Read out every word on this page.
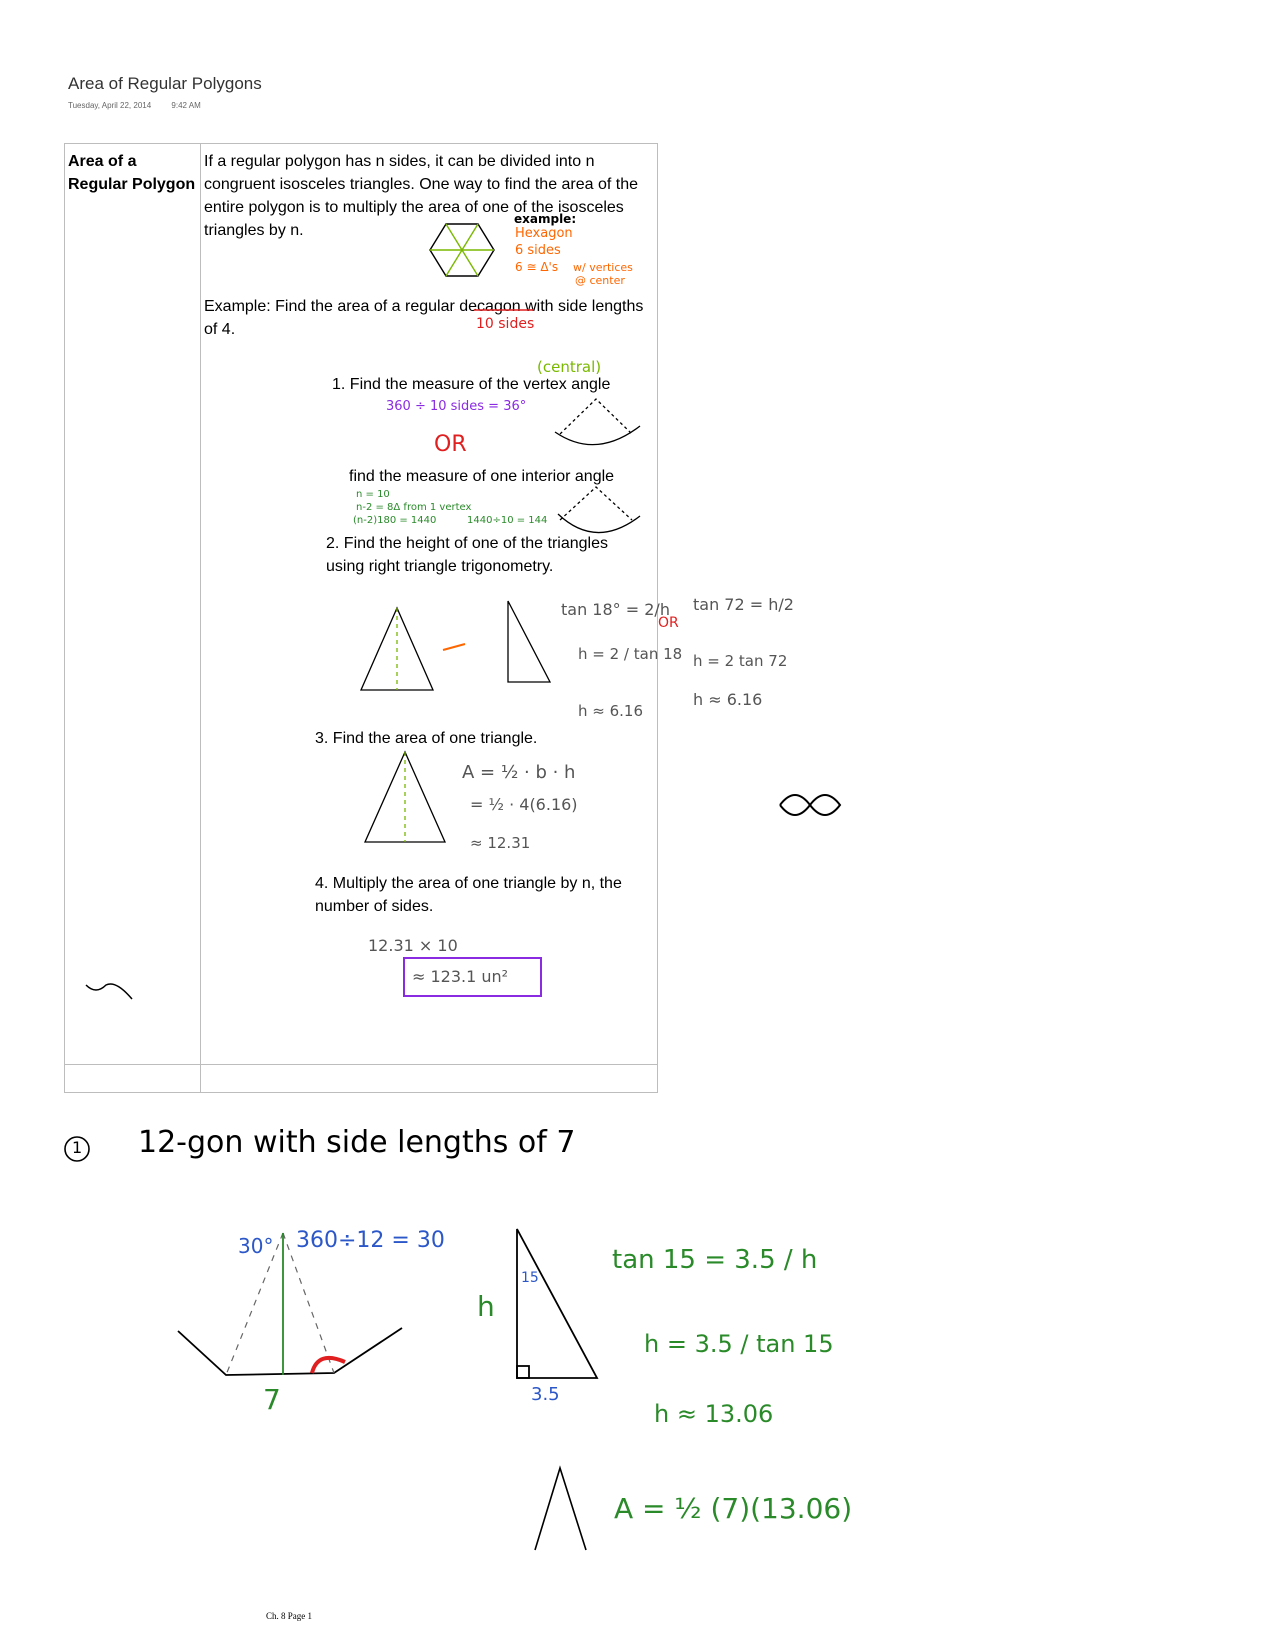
Area of Regular Polygons
Tuesday, April 22, 2014	9:42 AM
Area of a Regular Polygon
If a regular polygon has n sides, it can be divided into n congruent isosceles triangles. One way to find the area of the entire polygon is to multiply the area of one of the isosceles triangles by n.
Example: Find the area of a regular decagon with side lengths of 4.
1. Find the measure of the vertex angle
find the measure of one interior angle
2. Find the height of one of the triangles using right triangle trigonometry.
3. Find the area of one triangle.
4. Multiply the area of one triangle by n, the number of sides.
example:
Hexagon
6 sides
6 ≅ Δ's w/ vertices
@ center
10 sides
(central)
360 ÷ 10 sides = 36°
OR
n = 10
n-2 = 8Δ from 1 vertex
(n-2)180 = 1440	1440÷10 = 144
tan 18° = 2/h
h = 2 / tan 18
h ≈ 6.16
OR
tan 72 = h/2
h = 2 tan 72
h ≈ 6.16
A = ½ · b · h
= ½ · 4(6.16)
≈ 12.31
12.31 × 10
≈ 123.1 un²
1 12-gon with side lengths of 7
30° 360÷12 = 30
7
h
15
3.5
tan 15 = 3.5 / h
h = 3.5 / tan 15
h ≈ 13.06
A = ½ (7)(13.06)
Ch. 8 Page 1
